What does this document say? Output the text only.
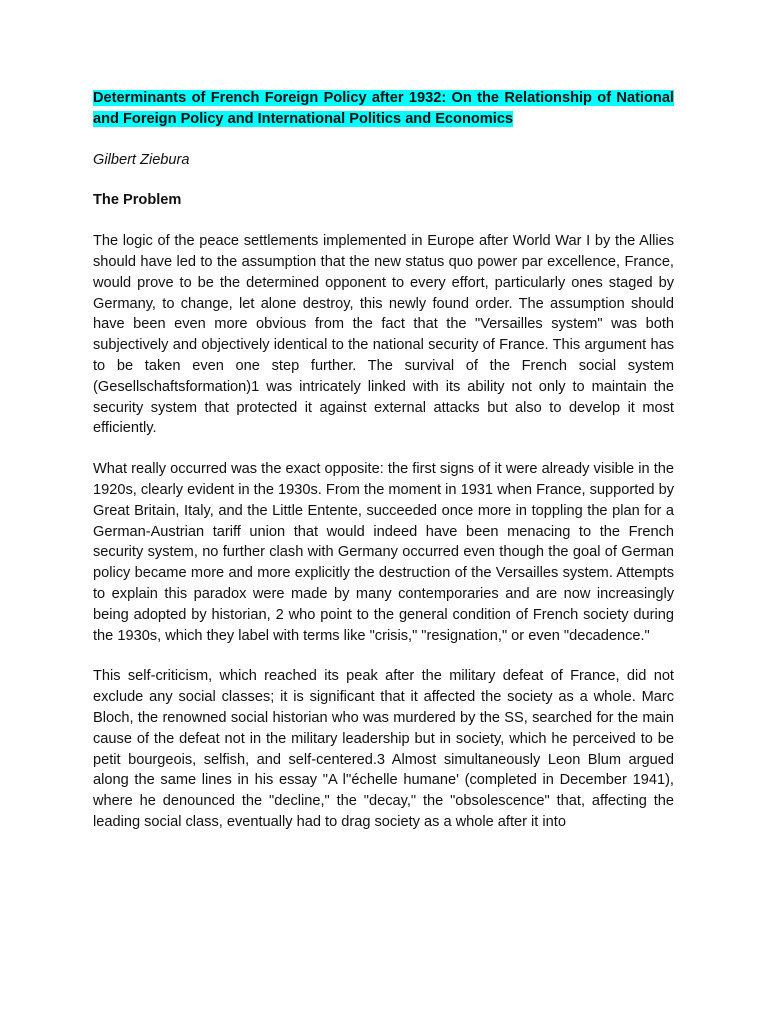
Determinants of French Foreign Policy after 1932: On the Relationship of National and Foreign Policy and International Politics and Economics

Gilbert Ziebura

The Problem

The logic of the peace settlements implemented in Europe after World War I by the Allies should have led to the assumption that the new status quo power par excellence, France, would prove to be the determined opponent to every effort, particularly ones staged by Germany, to change, let alone destroy, this newly found order. The assumption should have been even more obvious from the fact that the "Versailles system" was both subjectively and objectively identical to the national security of France. This argument has to be taken even one step further. The survival of the French social system (Gesellschaftsformation)1 was intricately linked with its ability not only to maintain the security system that protected it against external attacks but also to develop it most efficiently.

What really occurred was the exact opposite: the first signs of it were already visible in the 1920s, clearly evident in the 1930s. From the moment in 1931 when France, supported by Great Britain, Italy, and the Little Entente, succeeded once more in toppling the plan for a German-Austrian tariff union that would indeed have been menacing to the French security system, no further clash with Germany occurred even though the goal of German policy became more and more explicitly the destruction of the Versailles system. Attempts to explain this paradox were made by many contemporaries and are now increasingly being adopted by historian, 2 who point to the general condition of French society during the 1930s, which they label with terms like "crisis," "resignation," or even "decadence."

This self-criticism, which reached its peak after the military defeat of France, did not exclude any social classes; it is significant that it affected the society as a whole. Marc Bloch, the renowned social historian who was murdered by the SS, searched for the main cause of the defeat not in the military leadership but in society, which he perceived to be petit bourgeois, selfish, and self-centered.3 Almost simultaneously Leon Blum argued along the same lines in his essay "A l''échelle humane' (completed in December 1941), where he denounced the "decline," the "decay," the "obsolescence" that, affecting the leading social class, eventually had to drag society as a whole after it into
